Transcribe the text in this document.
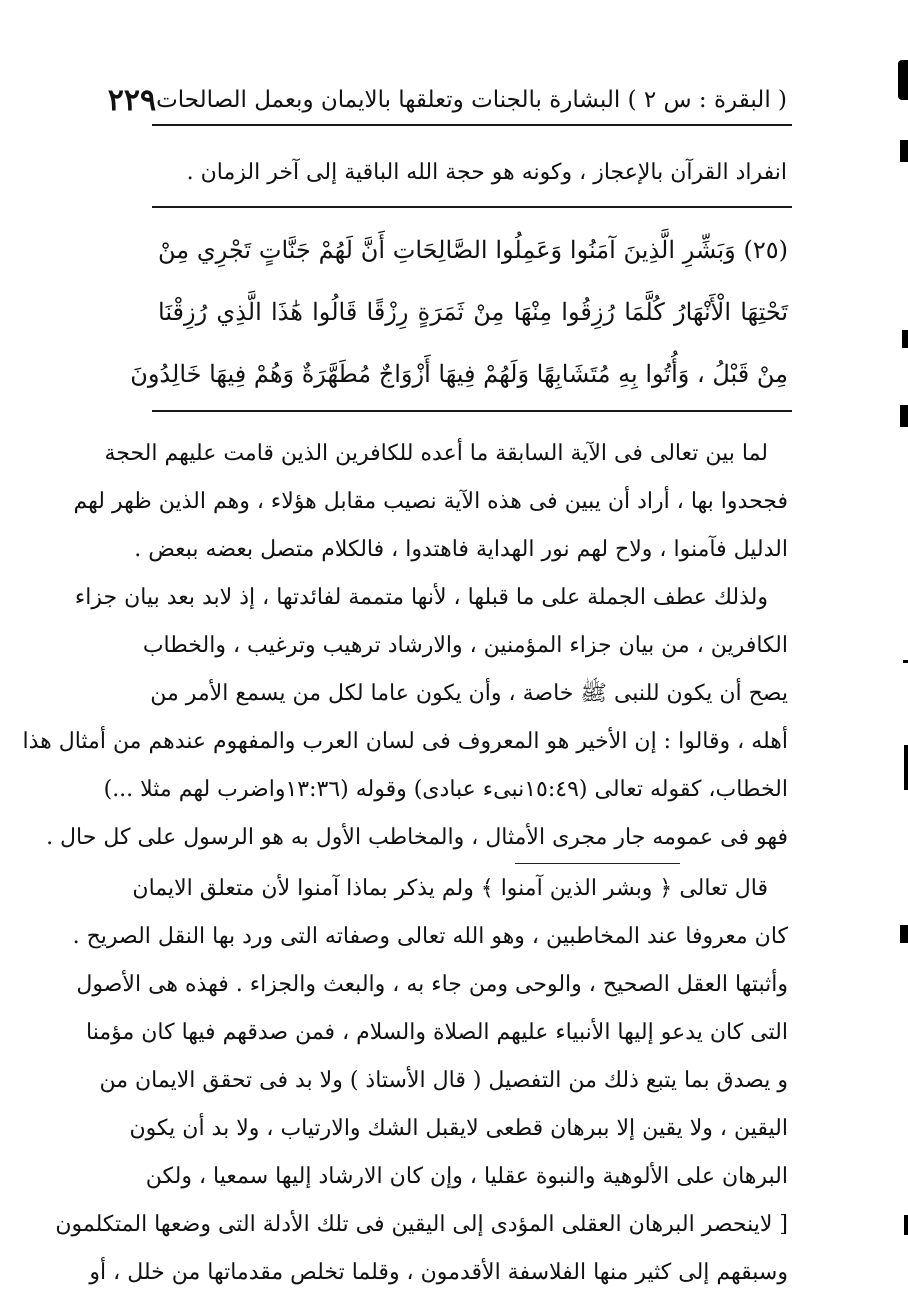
( البقرة : س ٢ ) البشارة بالجنات وتعلقها بالايمان وبعمل الصالحات
٢٢٩
انفراد القرآن بالإعجاز ، وكونه هو حجة الله الباقية إلى آخر الزمان .
(٢٥) وَبَشِّرِ الَّذِينَ آمَنُوا وَعَمِلُوا الصَّالِحَاتِ أَنَّ لَهُمْ جَنَّاتٍ تَجْرِي مِنْ
تَحْتِهَا الْأَنْهَارُ كُلَّمَا رُزِقُوا مِنْهَا مِنْ ثَمَرَةٍ رِزْقًا قَالُوا هَٰذَا الَّذِي رُزِقْنَا
مِنْ قَبْلُ ، وَأُتُوا بِهِ مُتَشَابِهًا وَلَهُمْ فِيهَا أَزْوَاجٌ مُطَهَّرَةٌ وَهُمْ فِيهَا خَالِدُونَ
لما بين تعالى فى الآية السابقة ما أعده للكافرين الذين قامت عليهم الحجة
فجحدوا بها ، أراد أن يبين فى هذه الآية نصيب مقابل هؤلاء ، وهم الذين ظهر لهم
الدليل فآمنوا ، ولاح لهم نور الهداية فاهتدوا ، فالكلام متصل بعضه ببعض .
ولذلك عطف الجملة على ما قبلها ، لأنها متممة لفائدتها ، إذ لابد بعد بيان جزاء
الكافرين ، من بيان جزاء المؤمنين ، والارشاد ترهيب وترغيب ، والخطاب
يصح أن يكون للنبى ﷺ خاصة ، وأن يكون عاما لكل من يسمع الأمر من
أهله ، وقالوا : إن الأخير هو المعروف فى لسان العرب والمفهوم عندهم من أمثال هذا
الخطاب، كقوله تعالى (١٥:٤٩نبىء عبادى) وقوله (١٣:٣٦واضرب لهم مثلا ...)
فهو فى عمومه جار مجرى الأمثال ، والمخاطب الأول به هو الرسول على كل حال .
قال تعالى ﴿ وبشر الذين آمنوا ﴾ ولم يذكر بماذا آمنوا لأن متعلق الايمان
كان معروفا عند المخاطبين ، وهو الله تعالى وصفاته التى ورد بها النقل الصريح .
وأثبتها العقل الصحيح ، والوحى ومن جاء به ، والبعث والجزاء . فهذه هى الأصول
التى كان يدعو إليها الأنبياء عليهم الصلاة والسلام ، فمن صدقهم فيها كان مؤمنا
و يصدق بما يتبع ذلك من التفصيل ( قال الأستاذ ) ولا بد فى تحقق الايمان من
اليقين ، ولا يقين إلا ببرهان قطعى لايقبل الشك والارتياب ، ولا بد أن يكون
البرهان على الألوهية والنبوة عقليا ، وإن كان الارشاد إليها سمعيا ، ولكن
[ لاينحصر البرهان العقلى المؤدى إلى اليقين فى تلك الأدلة التى وضعها المتكلمون
وسبقهم إلى كثير منها الفلاسفة الأقدمون ، وقلما تخلص مقدماتها من خلل ، أو
